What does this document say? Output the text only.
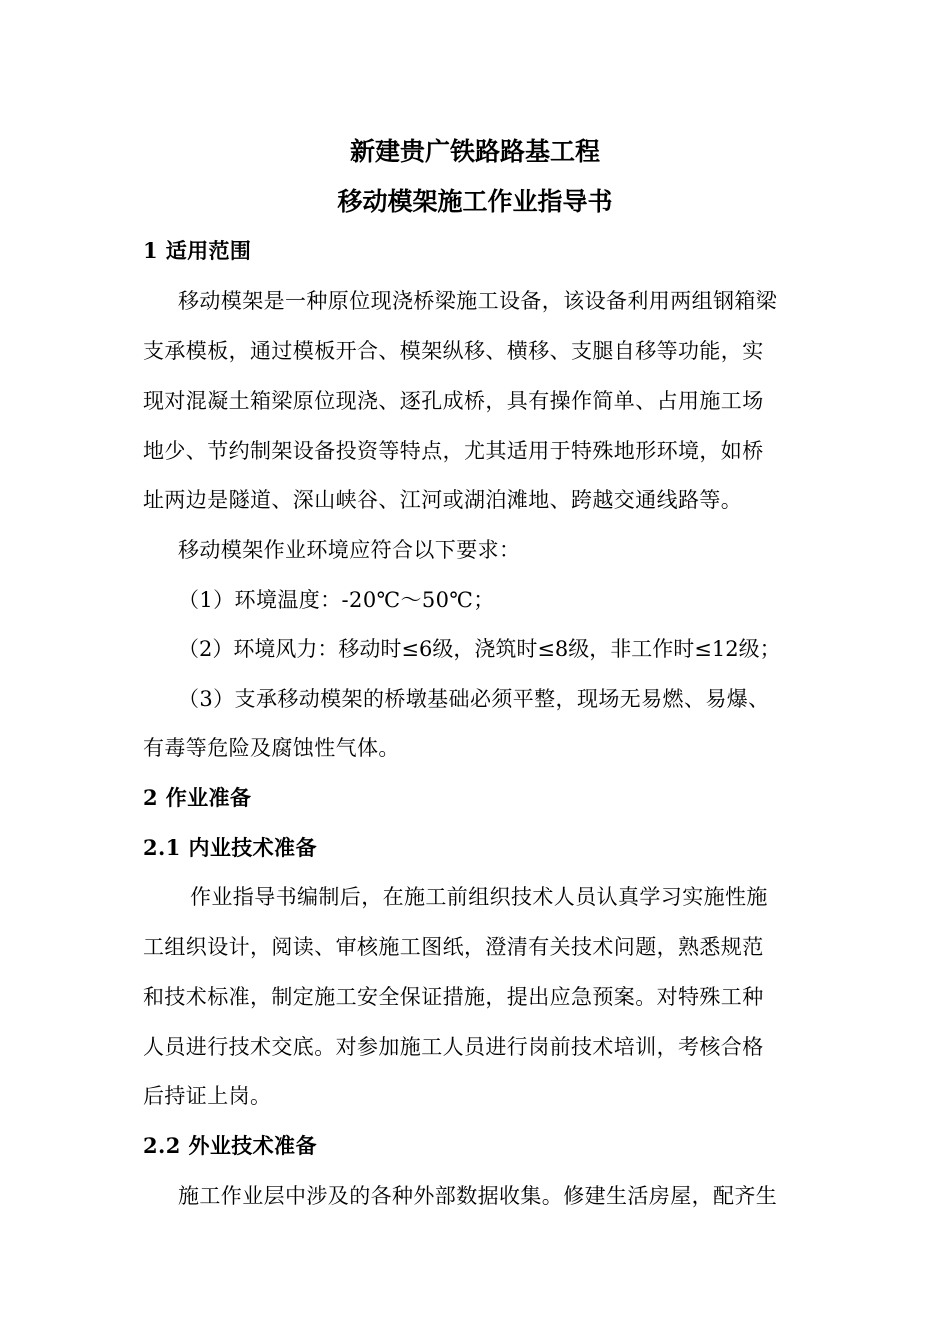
新建贵广铁路路基工程
移动模架施工作业指导书
1 适用范围
移动模架是一种原位现浇桥梁施工设备，该设备利用两组钢箱梁
支承模板，通过模板开合、模架纵移、横移、支腿自移等功能，实
现对混凝土箱梁原位现浇、逐孔成桥，具有操作简单、占用施工场
地少、节约制架设备投资等特点，尤其适用于特殊地形环境，如桥
址两边是隧道、深山峡谷、江河或湖泊滩地、跨越交通线路等。
移动模架作业环境应符合以下要求：
（1）环境温度：-20℃～50℃；
（2）环境风力：移动时≤6级，浇筑时≤8级，非工作时≤12级；
（3）支承移动模架的桥墩基础必须平整，现场无易燃、易爆、
有毒等危险及腐蚀性气体。
2 作业准备
2.1 内业技术准备
作业指导书编制后，在施工前组织技术人员认真学习实施性施
工组织设计，阅读、审核施工图纸，澄清有关技术问题，熟悉规范
和技术标准，制定施工安全保证措施，提出应急预案。对特殊工种
人员进行技术交底。对参加施工人员进行岗前技术培训，考核合格
后持证上岗。
2.2 外业技术准备
施工作业层中涉及的各种外部数据收集。修建生活房屋，配齐生
